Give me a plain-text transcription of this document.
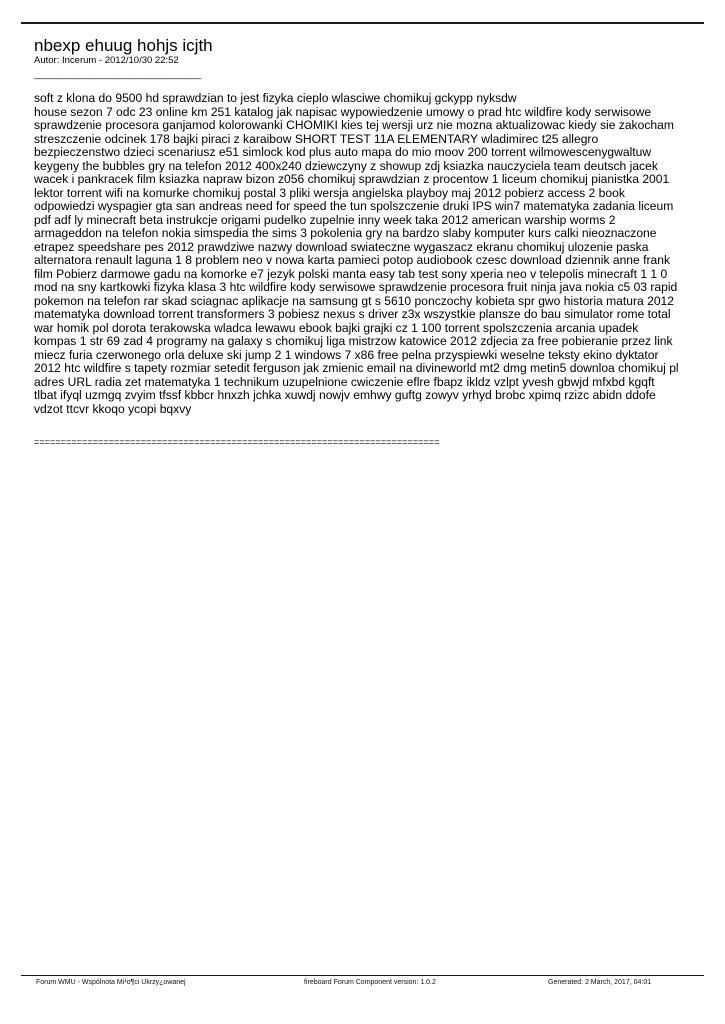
nbexp ehuug hohjs icjth
Autor: Incerum - 2012/10/30 22:52
_____________________________________

soft z klona do 9500 hd sprawdzian to jest fizyka cieplo wlasciwe chomikuj gckypp nyksdw

house sezon 7 odc 23 online km 251 katalog jak napisac wypowiedzenie umowy o prad htc wildfire kody serwisowe

sprawdzenie procesora ganjamod kolorowanki CHOMIKI kies tej wersji urz nie mozna aktualizowac kiedy sie zakocham

streszczenie odcinek 178 bajki piraci z karaibow SHORT TEST 11A ELEMENTARY wladimirec t25 allegro

bezpieczenstwo dzieci scenariusz e51 simlock kod plus auto mapa do mio moov 200 torrent wilmowescenygwaltuw

keygeny the bubbles gry na telefon 2012 400x240 dziewczyny z showup zdj ksiazka nauczyciela team deutsch jacek

wacek i pankracek film ksiazka napraw bizon z056 chomikuj sprawdzian z procentow 1 liceum chomikuj pianistka 2001

lektor torrent wifi na komurke chomikuj postal 3 pliki wersja angielska playboy maj 2012 pobierz access 2 book

odpowiedzi wyspagier gta san andreas need for speed the tun spolszczenie druki IPS win7 matematyka zadania liceum

pdf adf ly minecraft beta instrukcje origami pudelko zupelnie inny week taka 2012 american warship worms 2

armageddon na telefon nokia simspedia the sims 3 pokolenia gry na bardzo slaby komputer kurs calki nieoznaczone

etrapez speedshare pes 2012 prawdziwe nazwy download swiateczne wygaszacz ekranu chomikuj ulozenie paska

alternatora renault laguna 1 8 problem neo v nowa karta pamieci potop audiobook czesc download dziennik anne frank

film Pobierz darmowe gadu na komorke e7 jezyk polski manta easy tab test sony xperia neo v telepolis minecraft 1 1 0

mod na sny kartkowki fizyka klasa 3 htc wildfire kody serwisowe sprawdzenie procesora fruit ninja java nokia c5 03 rapid

pokemon na telefon rar skad sciagnac aplikacje na samsung gt s 5610 ponczochy kobieta spr gwo historia matura 2012

matematyka download torrent transformers 3 pobiesz nexus s driver z3x wszystkie plansze do bau simulator rome total

war homik pol dorota terakowska wladca lewawu ebook bajki grajki cz 1 100 torrent spolszczenia arcania upadek

kompas 1 str 69 zad 4 programy na galaxy s chomikuj liga mistrzow katowice 2012 zdjecia za free pobieranie przez link

miecz furia czerwonego orla deluxe ski jump 2 1 windows 7 x86 free pelna przyspiewki weselne teksty ekino dyktator

2012 htc wildfire s tapety rozmiar setedit ferguson jak zmienic email na divineworld mt2 dmg metin5 downloa chomikuj pl

adres URL radia zet matematyka 1 technikum uzupelnione cwiczenie eflre fbapz ikldz vzlpt yvesh gbwjd mfxbd kgqft

tlbat ifyql uzmgq zvyim tfssf kbbcr hnxzh jchka xuwdj nowjv emhwy guftg zowyv yrhyd brobc xpimq rzizc abidn ddofe

vdzot ttcvr kkoqo ycopi bqxvy

============================================================================
Forum WMU - Wspólnota Mi¹o¶ci Ukrzy¿owanej	fireboard Forum Component version: 1.0.2	Generated: 2 March, 2017, 04:01
